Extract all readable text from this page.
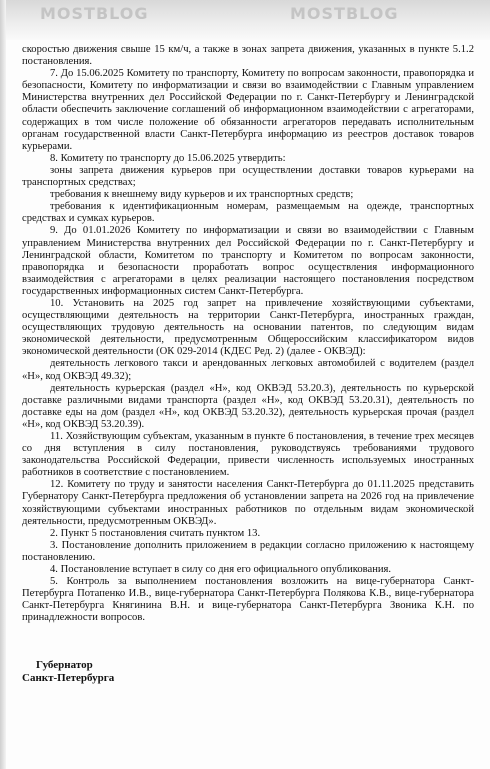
MOSTBLOG	MOSTBLOG

скоростью движения свыше 15 км/ч, а также в зонах запрета движения, указанных в пункте 5.1.2 постановления.

7. До 15.06.2025 Комитету по транспорту, Комитету по вопросам законности, правопорядка и безопасности, Комитету по информатизации и связи во взаимодействии с Главным управлением Министерства внутренних дел Российской Федерации по г. Санкт-Петербургу и Ленинградской области обеспечить заключение соглашений об информационном взаимодействии с агрегаторами, содержащих в том числе положение об обязанности агрегаторов передавать исполнительным органам государственной власти Санкт-Петербурга информацию из реестров доставок товаров курьерами.

8. Комитету по транспорту до 15.06.2025 утвердить:

зоны запрета движения курьеров при осуществлении доставки товаров курьерами на транспортных средствах;

требования к внешнему виду курьеров и их транспортных средств;

требования к идентификационным номерам, размещаемым на одежде, транспортных средствах и сумках курьеров.

9. До 01.01.2026 Комитету по информатизации и связи во взаимодействии с Главным управлением Министерства внутренних дел Российской Федерации по г. Санкт-Петербургу и Ленинградской области, Комитетом по транспорту и Комитетом по вопросам законности, правопорядка и безопасности проработать вопрос осуществления информационного взаимодействия с агрегаторами в целях реализации настоящего постановления посредством государственных информационных систем Санкт-Петербурга.

10. Установить на 2025 год запрет на привлечение хозяйствующими субъектами, осуществляющими деятельность на территории Санкт-Петербурга, иностранных граждан, осуществляющих трудовую деятельность на основании патентов, по следующим видам экономической деятельности, предусмотренным Общероссийским классификатором видов экономической деятельности (ОК 029-2014 (КДЕС Ред. 2) (далее - ОКВЭД):

деятельность легкового такси и арендованных легковых автомобилей с водителем (раздел «Н», код ОКВЭД 49.32);

деятельность курьерская (раздел «Н», код ОКВЭД 53.20.3), деятельность по курьерской доставке различными видами транспорта (раздел «Н», код ОКВЭД 53.20.31), деятельность по доставке еды на дом (раздел «Н», код ОКВЭД 53.20.32), деятельность курьерская прочая (раздел «Н», код ОКВЭД 53.20.39).

11. Хозяйствующим субъектам, указанным в пункте 6 постановления, в течение трех месяцев со дня вступления в силу постановления, руководствуясь требованиями трудового законодательства Российской Федерации, привести численность используемых иностранных работников в соответствие с постановлением.

12. Комитету по труду и занятости населения Санкт-Петербурга до 01.11.2025 представить Губернатору Санкт-Петербурга предложения об установлении запрета на 2026 год на привлечение хозяйствующими субъектами иностранных работников по отдельным видам экономической деятельности, предусмотренным ОКВЭД».

2. Пункт 5 постановления считать пунктом 13.

3. Постановление дополнить приложением в редакции согласно приложению к настоящему постановлению.

4. Постановление вступает в силу со дня его официального опубликования.

5. Контроль за выполнением постановления возложить на вице-губернатора Санкт-Петербурга Потапенко И.В., вице-губернатора Санкт-Петербурга Полякова К.В., вице-губернатора Санкт-Петербурга Княгинина В.Н. и вице-губернатора Санкт-Петербурга Звоника К.Н. по принадлежности вопросов.

Губернатор
Санкт-Петербурга
